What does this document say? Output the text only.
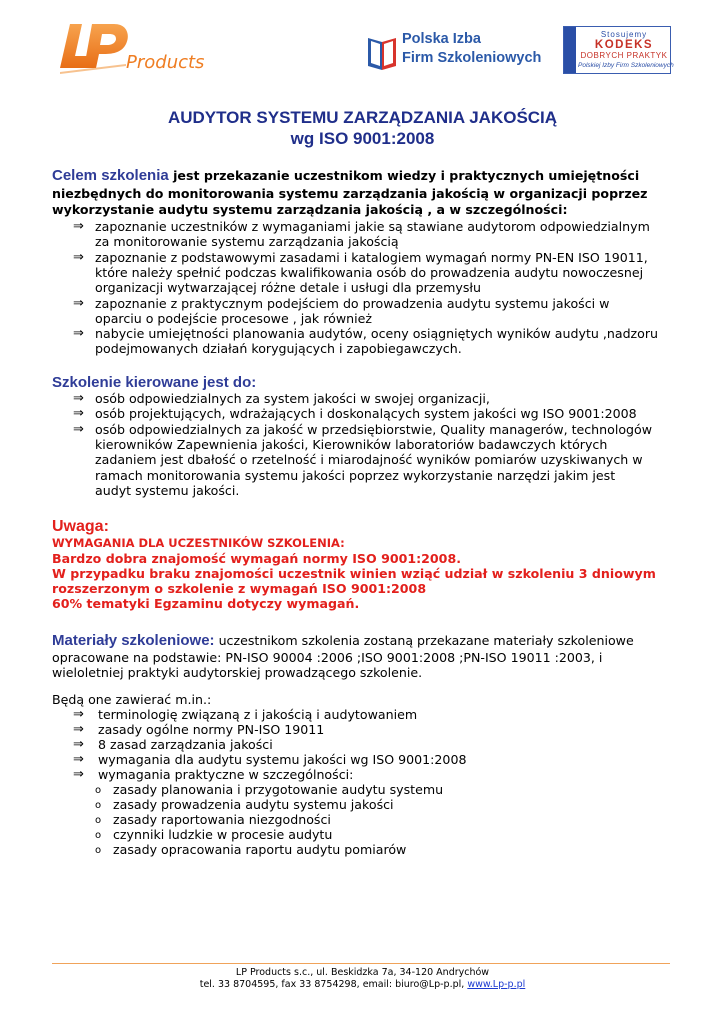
Products
Polska Izba
Firm Szkoleniowych
Stosujemy
KODEKS
DOBRYCH PRAKTYK
Polskiej Izby Firm Szkoleniowych
AUDYTOR SYSTEMU ZARZĄDZANIA JAKOŚCIĄ
wg ISO 9001:2008
Celem szkolenia jest przekazanie uczestnikom wiedzy i praktycznych umiejętności
niezbędnych do monitorowania systemu zarządzania jakością w organizacji poprzez
wykorzystanie audytu systemu zarządzania jakością , a w szczególności:
⇒ zapoznanie uczestników z wymaganiami jakie są stawiane audytorom odpowiedzialnym
za monitorowanie systemu zarządzania jakością
⇒ zapoznanie z podstawowymi zasadami i katalogiem wymagań normy PN-EN ISO 19011,
które należy spełnić podczas kwalifikowania osób do prowadzenia audytu nowoczesnej
organizacji wytwarzającej różne detale i usługi dla przemysłu
⇒ zapoznanie z praktycznym podejściem do prowadzenia audytu systemu jakości w
oparciu o podejście procesowe , jak również
⇒ nabycie umiejętności planowania audytów, oceny osiągniętych wyników audytu ,nadzoru
podejmowanych działań korygujących i zapobiegawczych.
Szkolenie kierowane jest do:
⇒ osób odpowiedzialnych za system jakości w swojej organizacji,
⇒ osób projektujących, wdrażających i doskonalących system jakości wg ISO 9001:2008
⇒ osób odpowiedzialnych za jakość w przedsiębiorstwie, Quality managerów, technologów
kierowników Zapewnienia jakości, Kierowników laboratoriów badawczych których
zadaniem jest dbałość o rzetelność i miarodajność wyników pomiarów uzyskiwanych w
ramach monitorowania systemu jakości poprzez wykorzystanie narzędzi jakim jest
audyt systemu jakości.
Uwaga:
WYMAGANIA DLA UCZESTNIKÓW SZKOLENIA:
Bardzo dobra znajomość wymagań normy ISO 9001:2008.
W przypadku braku znajomości uczestnik winien wziąć udział w szkoleniu 3 dniowym
rozszerzonym o szkolenie z wymagań ISO 9001:2008
60% tematyki Egzaminu dotyczy wymagań.
Materiały szkoleniowe: uczestnikom szkolenia zostaną przekazane materiały szkoleniowe
opracowane na podstawie: PN-ISO 90004 :2006 ;ISO 9001:2008 ;PN-ISO 19011 :2003, i
wieloletniej praktyki audytorskiej prowadzącego szkolenie.
Będą one zawierać m.in.:
⇒ terminologię związaną z i jakością i audytowaniem
⇒ zasady ogólne normy PN-ISO 19011
⇒ 8 zasad zarządzania jakości
⇒ wymagania dla audytu systemu jakości wg ISO 9001:2008
⇒ wymagania praktyczne w szczególności:
o zasady planowania i przygotowanie audytu systemu
o zasady prowadzenia audytu systemu jakości
o zasady raportowania niezgodności
o czynniki ludzkie w procesie audytu
o zasady opracowania raportu audytu pomiarów
LP Products s.c., ul. Beskidzka 7a, 34-120 Andrychów
tel. 33 8704595, fax 33 8754298, email: biuro@Lp-p.pl, www.Lp-p.pl
